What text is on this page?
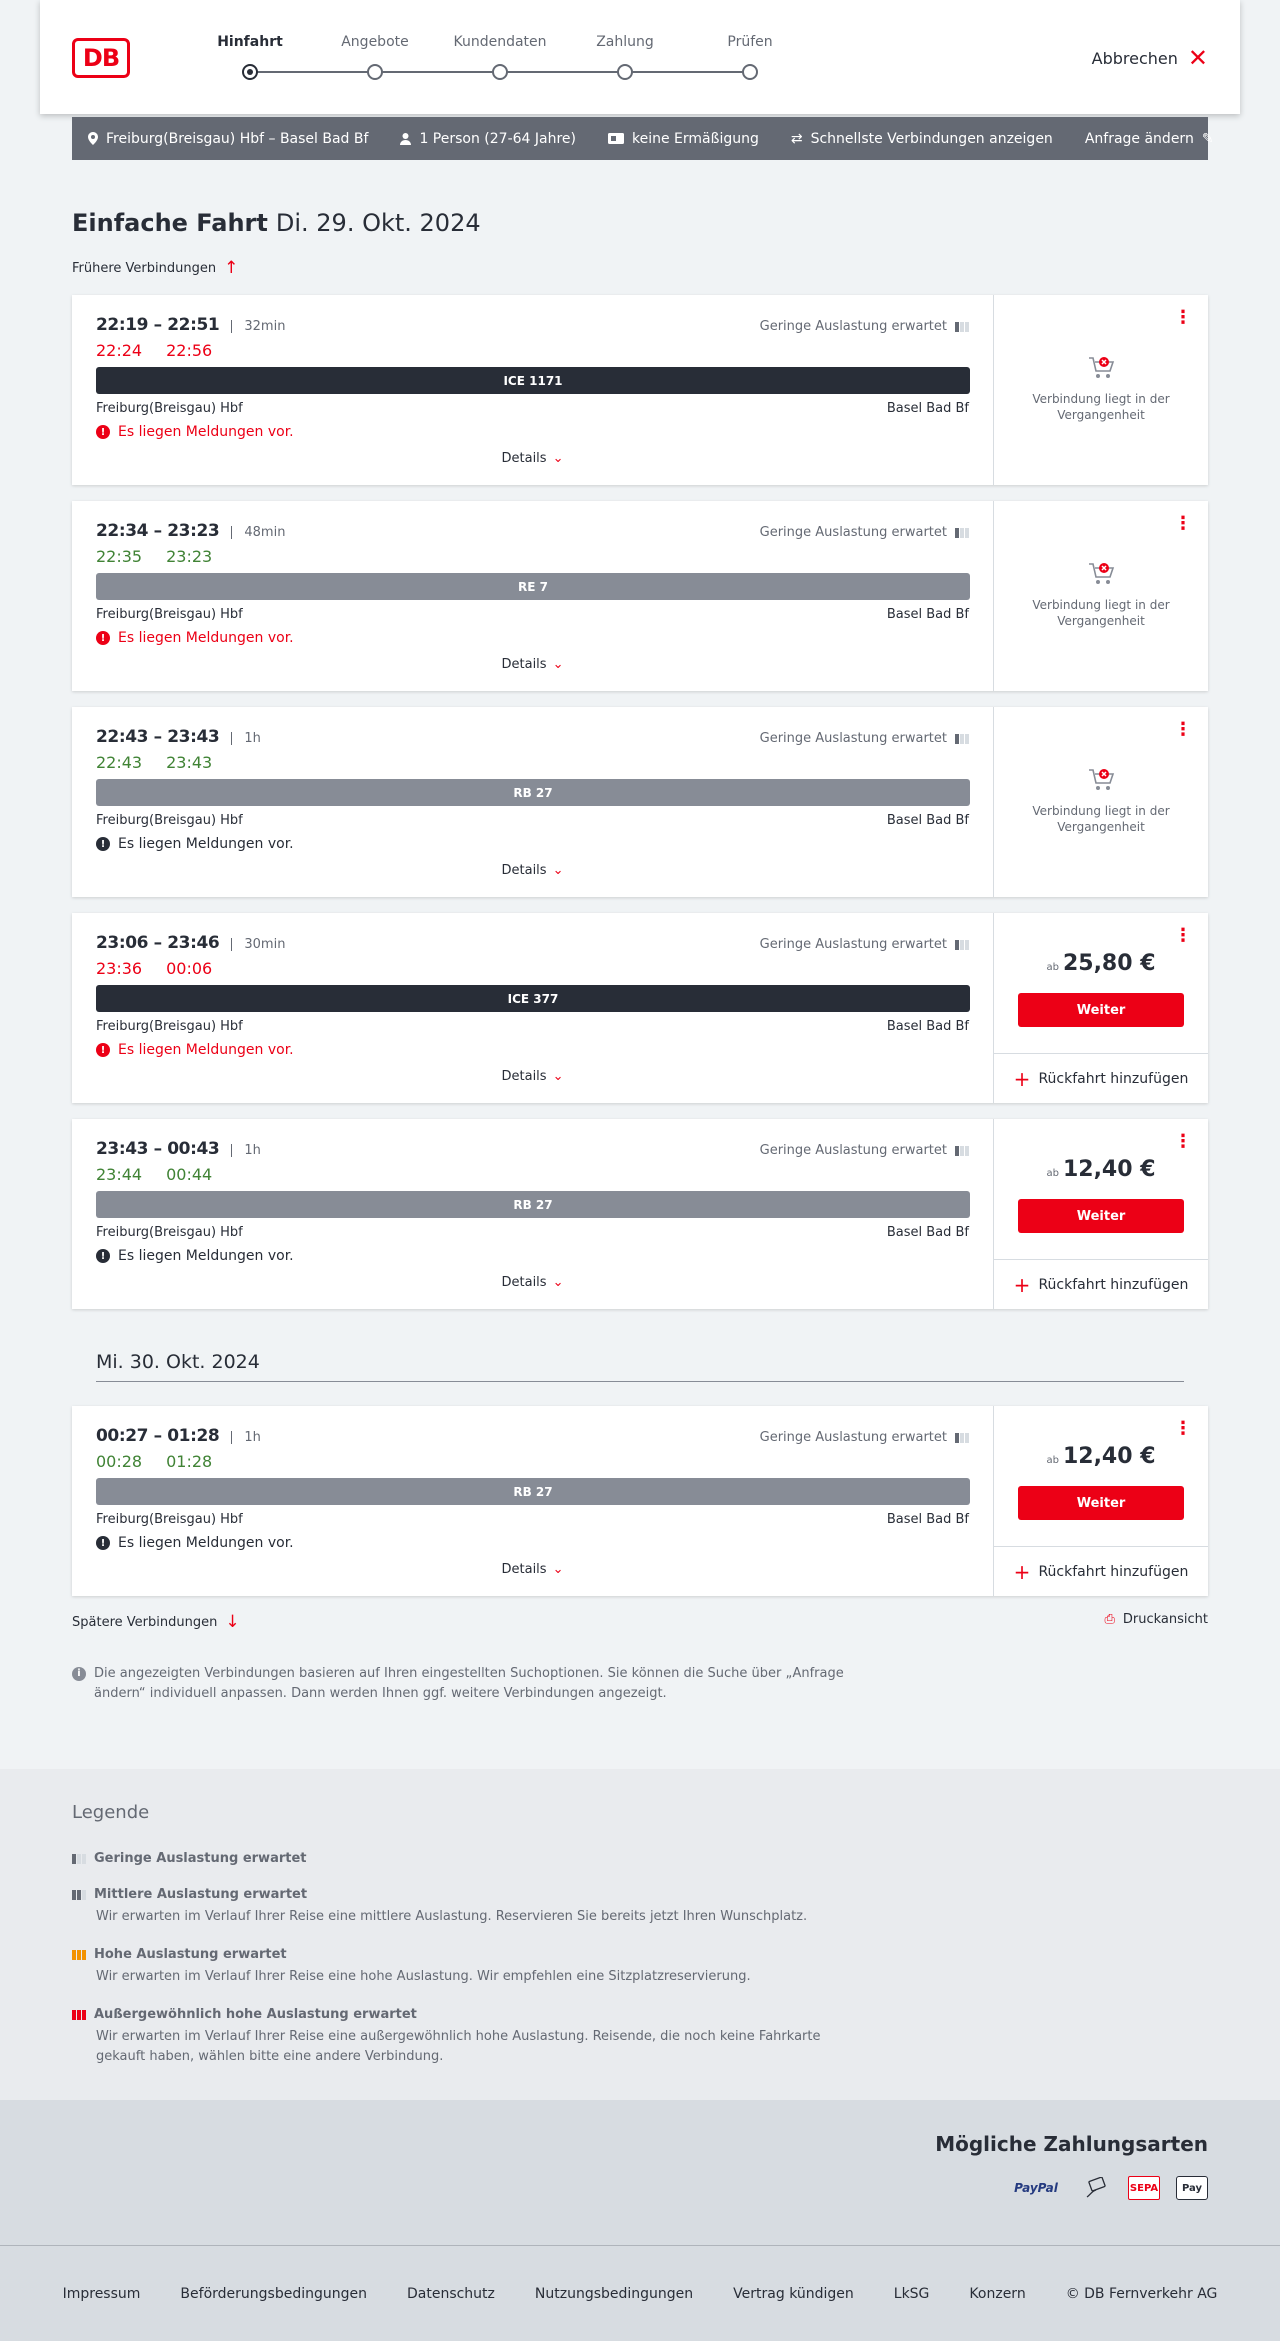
DB
Hinfahrt	Angebote	Kundendaten	Zahlung	Prüfen
Abbrechen ✕
Freiburg(Breisgau) Hbf – Basel Bad Bf	1 Person (27-64 Jahre)	keine Ermäßigung ⇄ Schnellste Verbindungen anzeigen Anfrage ändern ✎
Einfache Fahrt Di. 29. Okt. 2024
Frühere Verbindungen ↑
22:19 – 22:51	32min
22:24 22:56
Geringe Auslastung erwartet
ICE 1171
Freiburg(Breisgau) Hbf	Basel Bad Bf
! Es liegen Meldungen vor.
Details ⌄
⋮
Verbindung liegt in der Vergangenheit
22:34 – 23:23	48min
22:35 23:23
Geringe Auslastung erwartet
RE 7
Freiburg(Breisgau) Hbf	Basel Bad Bf
! Es liegen Meldungen vor.
Details ⌄
⋮
Verbindung liegt in der Vergangenheit
22:43 – 23:43	1h
22:43 23:43
Geringe Auslastung erwartet
RB 27
Freiburg(Breisgau) Hbf	Basel Bad Bf
! Es liegen Meldungen vor.
Details ⌄
⋮
Verbindung liegt in der Vergangenheit
23:06 – 23:46	30min
23:36 00:06
Geringe Auslastung erwartet
ICE 377
Freiburg(Breisgau) Hbf	Basel Bad Bf
! Es liegen Meldungen vor.
Details ⌄
⋮
ab 25,80 €
Weiter
+ Rückfahrt hinzufügen
23:43 – 00:43	1h
23:44 00:44
Geringe Auslastung erwartet
RB 27
Freiburg(Breisgau) Hbf	Basel Bad Bf
! Es liegen Meldungen vor.
Details ⌄
⋮
ab 12,40 €
Weiter
+ Rückfahrt hinzufügen
00:27 – 01:28	1h
00:28 01:28
Geringe Auslastung erwartet
RB 27
Freiburg(Breisgau) Hbf	Basel Bad Bf
! Es liegen Meldungen vor.
Details ⌄
⋮
ab 12,40 €
Weiter
+ Rückfahrt hinzufügen
Mi. 30. Okt. 2024
Spätere Verbindungen ↓	⎙ Druckansicht
i	Die angezeigten Verbindungen basieren auf Ihren eingestellten Suchoptionen. Sie können die Suche über „Anfrage ändern“ individuell anpassen. Dann werden Ihnen ggf. weitere Verbindungen angezeigt.
Legende
Geringe Auslastung erwartet
Mittlere Auslastung erwartet
Wir erwarten im Verlauf Ihrer Reise eine mittlere Auslastung. Reservieren Sie bereits jetzt Ihren Wunschplatz.
Hohe Auslastung erwartet
Wir erwarten im Verlauf Ihrer Reise eine hohe Auslastung. Wir empfehlen eine Sitzplatzreservierung.
Außergewöhnlich hohe Auslastung erwartet
Wir erwarten im Verlauf Ihrer Reise eine außergewöhnlich hohe Auslastung. Reisende, die noch keine Fahrkarte gekauft haben, wählen bitte eine andere Verbindung.
Mögliche Zahlungsarten
PayPal	SEPA	Pay
Impressum	Beförderungsbedingungen	Datenschutz	Nutzungsbedingungen	Vertrag kündigen	LkSG	Konzern	© DB Fernverkehr AG
